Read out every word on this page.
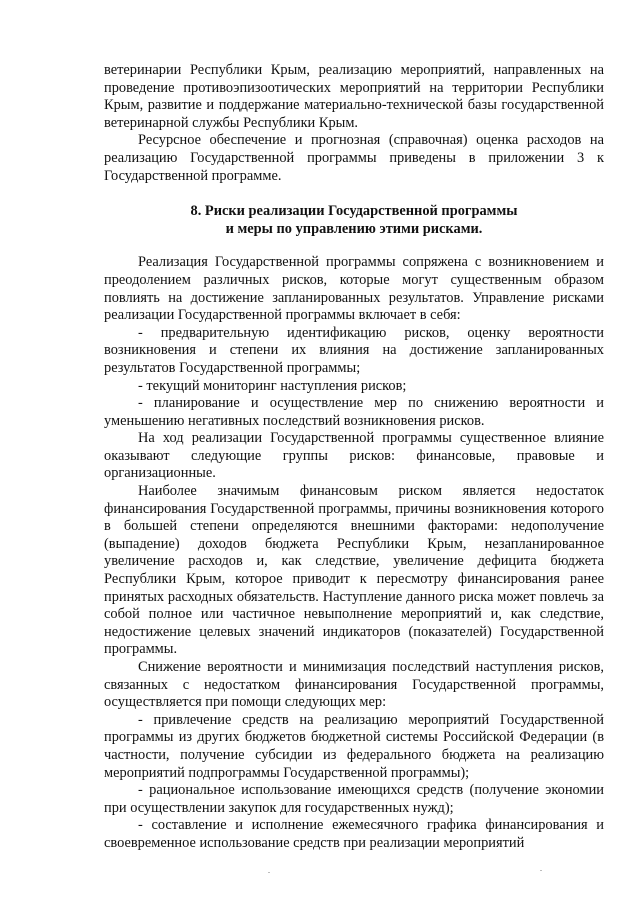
ветеринарии Республики Крым, реализацию мероприятий, направленных на проведение противоэпизоотических мероприятий на территории Республики Крым, развитие и поддержание материально-технической базы государственной ветеринарной службы Республики Крым.

Ресурсное обеспечение и прогнозная (справочная) оценка расходов на реализацию Государственной программы приведены в приложении 3 к Государственной программе.

8. Риски реализации Государственной программы
и меры по управлению этими рисками.

Реализация Государственной программы сопряжена с возникновением и преодолением различных рисков, которые могут существенным образом повлиять на достижение запланированных результатов. Управление рисками реализации Государственной программы включает в себя:

- предварительную идентификацию рисков, оценку вероятности возникновения и степени их влияния на достижение запланированных результатов Государственной программы;

- текущий мониторинг наступления рисков;

- планирование и осуществление мер по снижению вероятности и уменьшению негативных последствий возникновения рисков.

На ход реализации Государственной программы существенное влияние оказывают следующие группы рисков: финансовые, правовые и организационные.

Наиболее значимым финансовым риском является недостаток финансирования Государственной программы, причины возникновения которого в большей степени определяются внешними факторами: недополучение (выпадение) доходов бюджета Республики Крым, незапланированное увеличение расходов и, как следствие, увеличение дефицита бюджета Республики Крым, которое приводит к пересмотру финансирования ранее принятых расходных обязательств. Наступление данного риска может повлечь за собой полное или частичное невыполнение мероприятий и, как следствие, недостижение целевых значений индикаторов (показателей) Государственной программы.

Снижение вероятности и минимизация последствий наступления рисков, связанных с недостатком финансирования Государственной программы, осуществляется при помощи следующих мер:

- привлечение средств на реализацию мероприятий Государственной программы из других бюджетов бюджетной системы Российской Федерации (в частности, получение субсидии из федерального бюджета на реализацию мероприятий подпрограммы Государственной программы);

- рациональное использование имеющихся средств (получение экономии при осуществлении закупок для государственных нужд);

- составление и исполнение ежемесячного графика финансирования и своевременное использование средств при реализации мероприятий
